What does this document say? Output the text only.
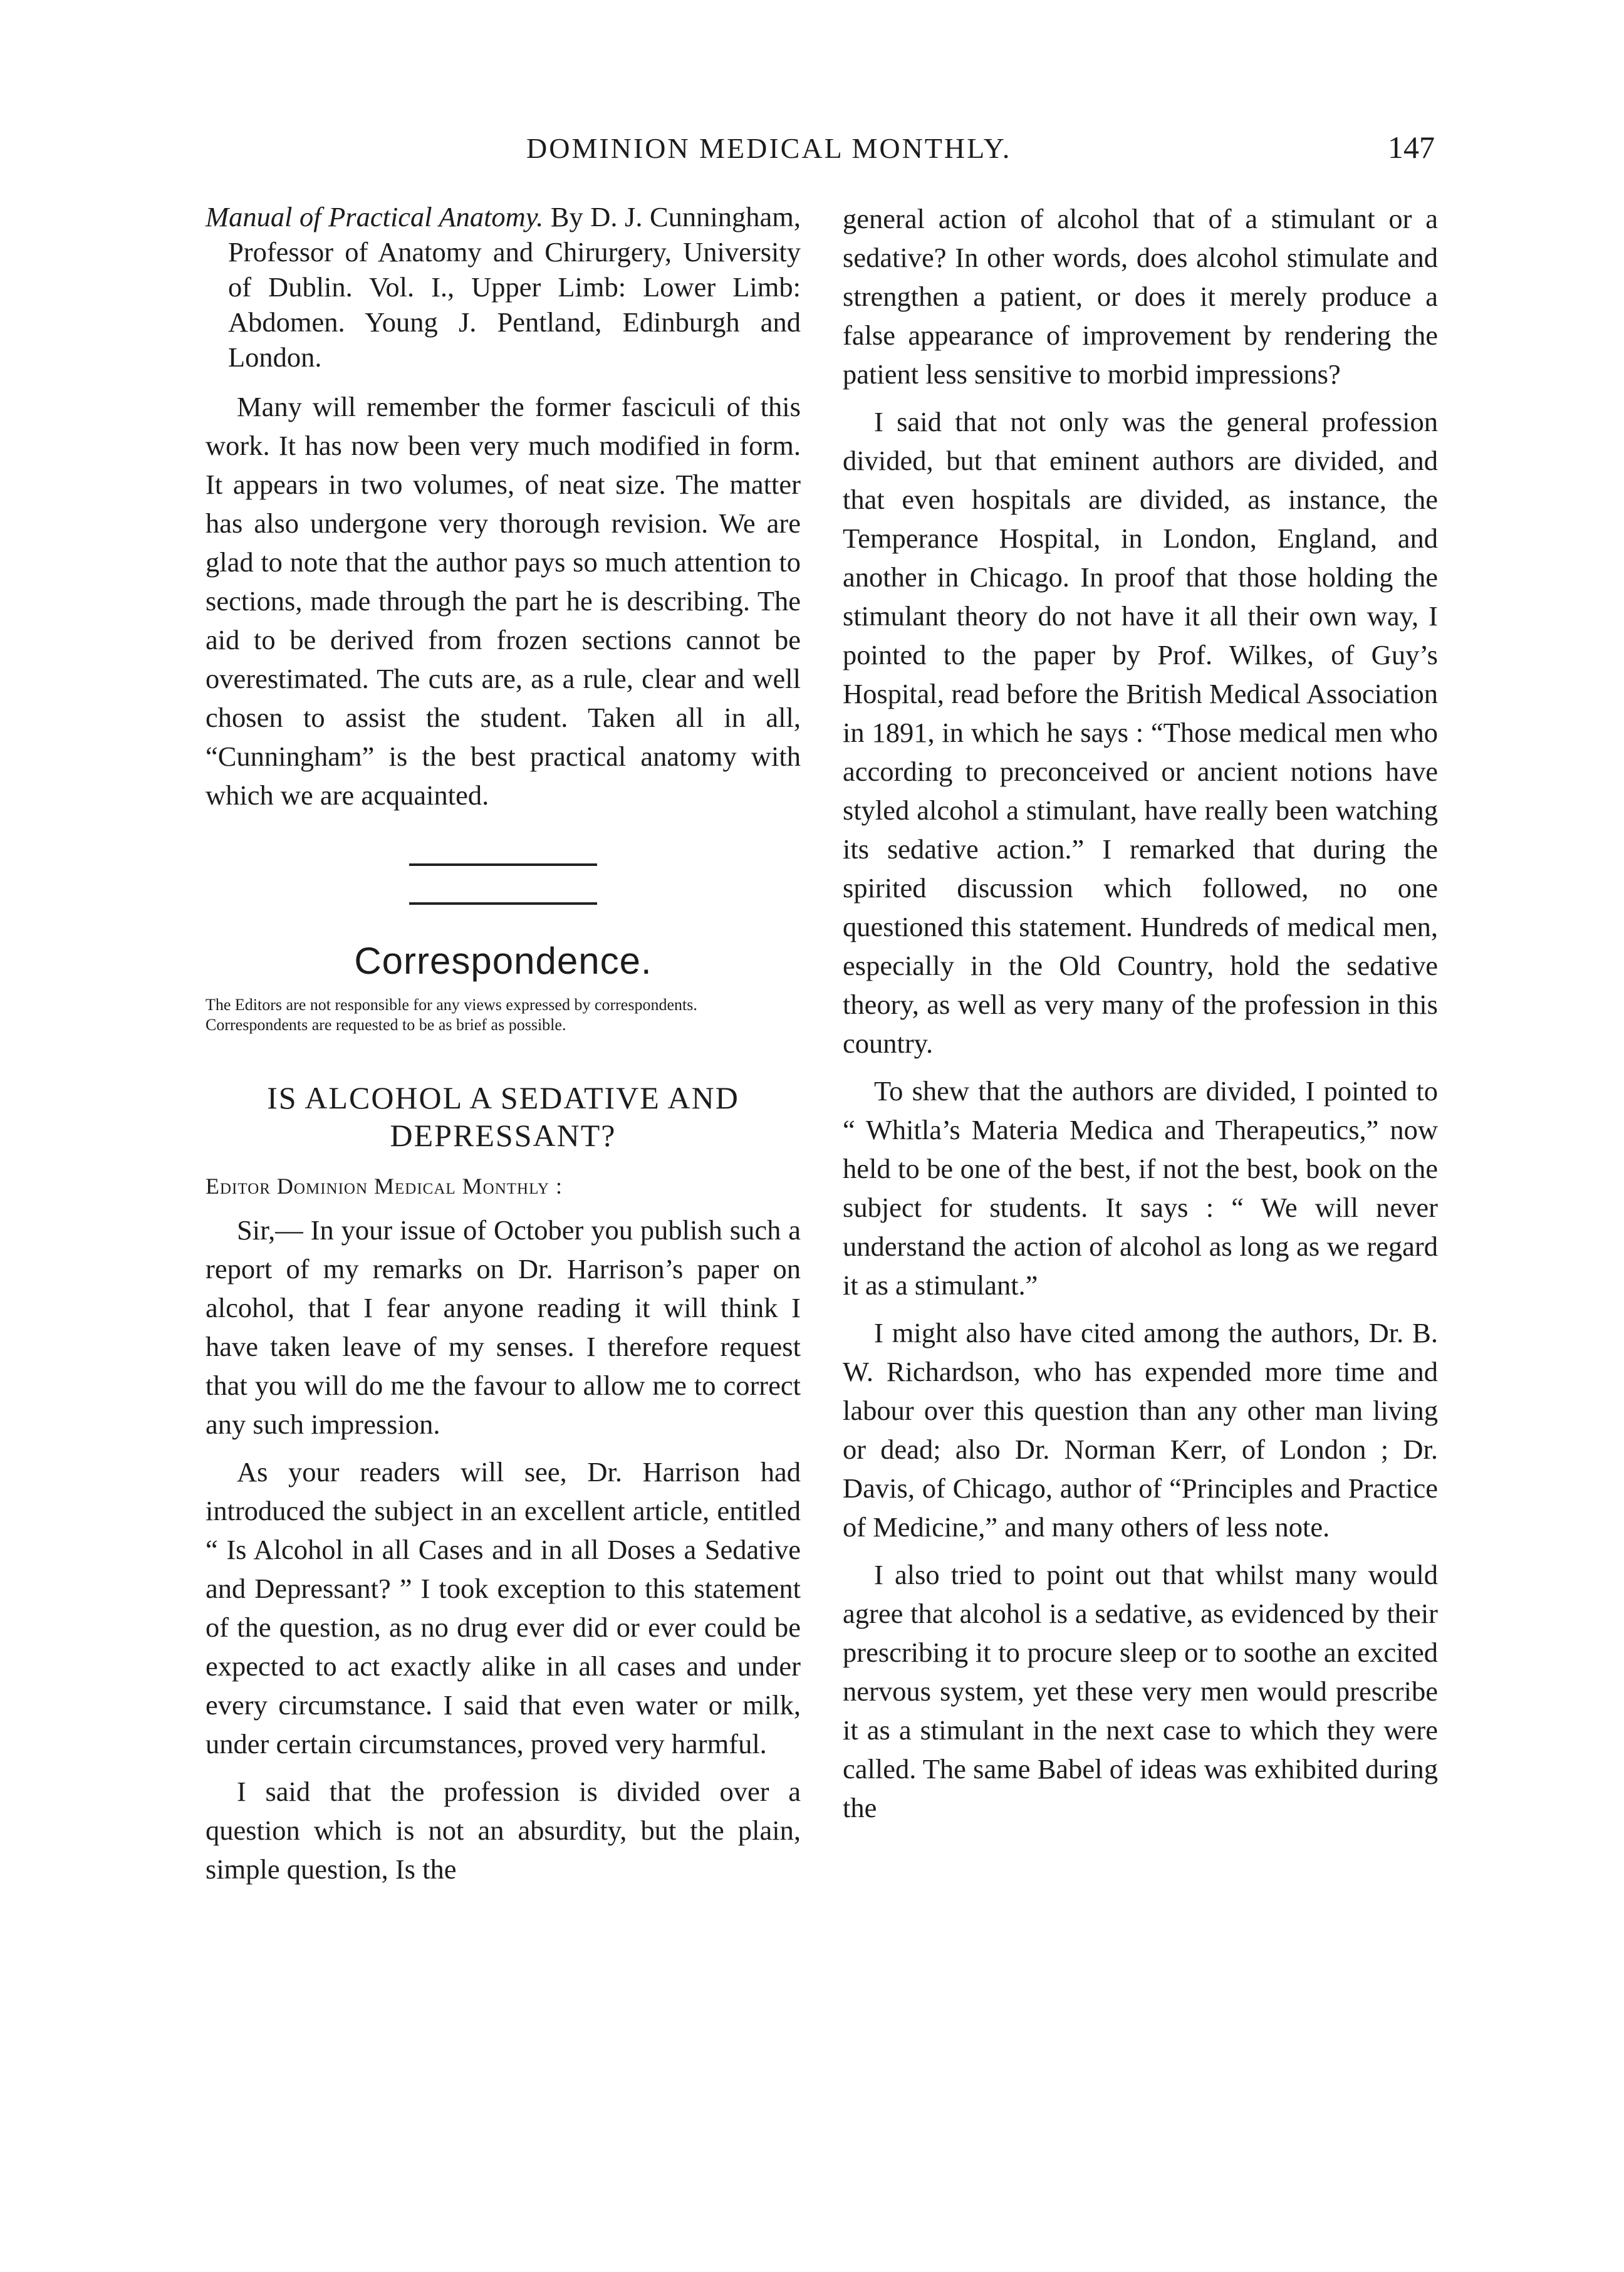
DOMINION MEDICAL MONTHLY.	147

Manual of Practical Anatomy. By D. J. Cunningham, Professor of Anatomy and Chirurgery, University of Dublin. Vol. I., Upper Limb: Lower Limb: Abdomen. Young J. Pentland, Edinburgh and London.

Many will remember the former fasciculi of this work. It has now been very much modified in form. It appears in two volumes, of neat size. The matter has also undergone very thorough revision. We are glad to note that the author pays so much attention to sections, made through the part he is describing. The aid to be derived from frozen sections cannot be overestimated. The cuts are, as a rule, clear and well chosen to assist the student. Taken all in all, “Cunningham” is the best practical anatomy with which we are acquainted.

Correspondence.

The Editors are not responsible for any views expressed by correspondents.

Correspondents are requested to be as brief as possible.

IS ALCOHOL A SEDATIVE AND DEPRESSANT?

Editor Dominion Medical Monthly :

Sir,— In your issue of October you publish such a report of my remarks on Dr. Harrison’s paper on alcohol, that I fear anyone reading it will think I have taken leave of my senses. I therefore request that you will do me the favour to allow me to correct any such impression.

As your readers will see, Dr. Harrison had introduced the subject in an excellent article, entitled “ Is Alcohol in all Cases and in all Doses a Sedative and Depressant? ” I took exception to this statement of the question, as no drug ever did or ever could be expected to act exactly alike in all cases and under every circumstance. I said that even water or milk, under certain circumstances, proved very harmful.

I said that the profession is divided over a question which is not an absurdity, but the plain, simple question, Is the

general action of alcohol that of a stimulant or a sedative? In other words, does alcohol stimulate and strengthen a patient, or does it merely produce a false appearance of improvement by rendering the patient less sensitive to morbid impressions?

I said that not only was the general profession divided, but that eminent authors are divided, and that even hospitals are divided, as instance, the Temperance Hospital, in London, England, and another in Chicago. In proof that those holding the stimulant theory do not have it all their own way, I pointed to the paper by Prof. Wilkes, of Guy’s Hospital, read before the British Medical Association in 1891, in which he says : “Those medical men who according to preconceived or ancient notions have styled alcohol a stimulant, have really been watching its sedative action.” I remarked that during the spirited discussion which followed, no one questioned this statement. Hundreds of medical men, especially in the Old Country, hold the sedative theory, as well as very many of the profession in this country.

To shew that the authors are divided, I pointed to “ Whitla’s Materia Medica and Therapeutics,” now held to be one of the best, if not the best, book on the subject for students. It says : “ We will never understand the action of alcohol as long as we regard it as a stimulant.”

I might also have cited among the authors, Dr. B. W. Richardson, who has expended more time and labour over this question than any other man living or dead; also Dr. Norman Kerr, of London ; Dr. Davis, of Chicago, author of “Principles and Practice of Medicine,” and many others of less note.

I also tried to point out that whilst many would agree that alcohol is a sedative, as evidenced by their prescribing it to procure sleep or to soothe an excited nervous system, yet these very men would prescribe it as a stimulant in the next case to which they were called. The same Babel of ideas was exhibited during the
